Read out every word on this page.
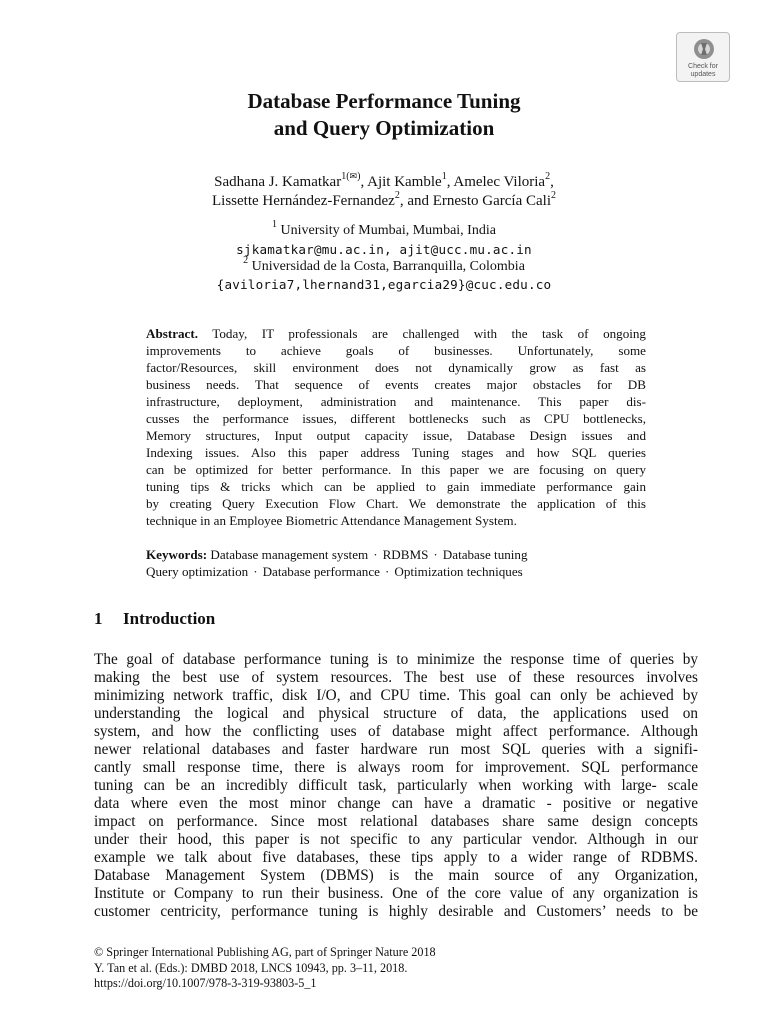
Check for
updates
Database Performance Tuning
and Query Optimization
Sadhana J. Kamatkar$^{1(✉)}$, Ajit Kamble$^1$, Amelec Viloria$^2$,
Lissette Hernández-Fernandez$^2$, and Ernesto García Cali$^2$
$^1$ University of Mumbai, Mumbai, India
sjkamatkar@mu.ac.in, ajit@ucc.mu.ac.in
$^2$ Universidad de la Costa, Barranquilla, Colombia
{aviloria7,lhernand31,egarcia29}@cuc.edu.co
Abstract. Today, IT professionals are challenged with the task of ongoing
improvements to achieve goals of businesses. Unfortunately, some
factor/Resources, skill environment does not dynamically grow as fast as
business needs. That sequence of events creates major obstacles for DB
infrastructure, deployment, administration and maintenance. This paper dis-
cusses the performance issues, different bottlenecks such as CPU bottlenecks,
Memory structures, Input output capacity issue, Database Design issues and
Indexing issues. Also this paper address Tuning stages and how SQL queries
can be optimized for better performance. In this paper we are focusing on query
tuning tips & tricks which can be applied to gain immediate performance gain
by creating Query Execution Flow Chart. We demonstrate the application of this
technique in an Employee Biometric Attendance Management System.
Keywords: Database management system · RDBMS · Database tuning
Query optimization · Database performance · Optimization techniques
1 Introduction
The goal of database performance tuning is to minimize the response time of queries by
making the best use of system resources. The best use of these resources involves
minimizing network traffic, disk I/O, and CPU time. This goal can only be achieved by
understanding the logical and physical structure of data, the applications used on
system, and how the conflicting uses of database might affect performance. Although
newer relational databases and faster hardware run most SQL queries with a signifi-
cantly small response time, there is always room for improvement. SQL performance
tuning can be an incredibly difficult task, particularly when working with large- scale
data where even the most minor change can have a dramatic - positive or negative
impact on performance. Since most relational databases share same design concepts
under their hood, this paper is not specific to any particular vendor. Although in our
example we talk about five databases, these tips apply to a wider range of RDBMS.
Database Management System (DBMS) is the main source of any Organization,
Institute or Company to run their business. One of the core value of any organization is
customer centricity, performance tuning is highly desirable and Customers’ needs to be
© Springer International Publishing AG, part of Springer Nature 2018
Y. Tan et al. (Eds.): DMBD 2018, LNCS 10943, pp. 3–11, 2018.
https://doi.org/10.1007/978-3-319-93803-5_1
